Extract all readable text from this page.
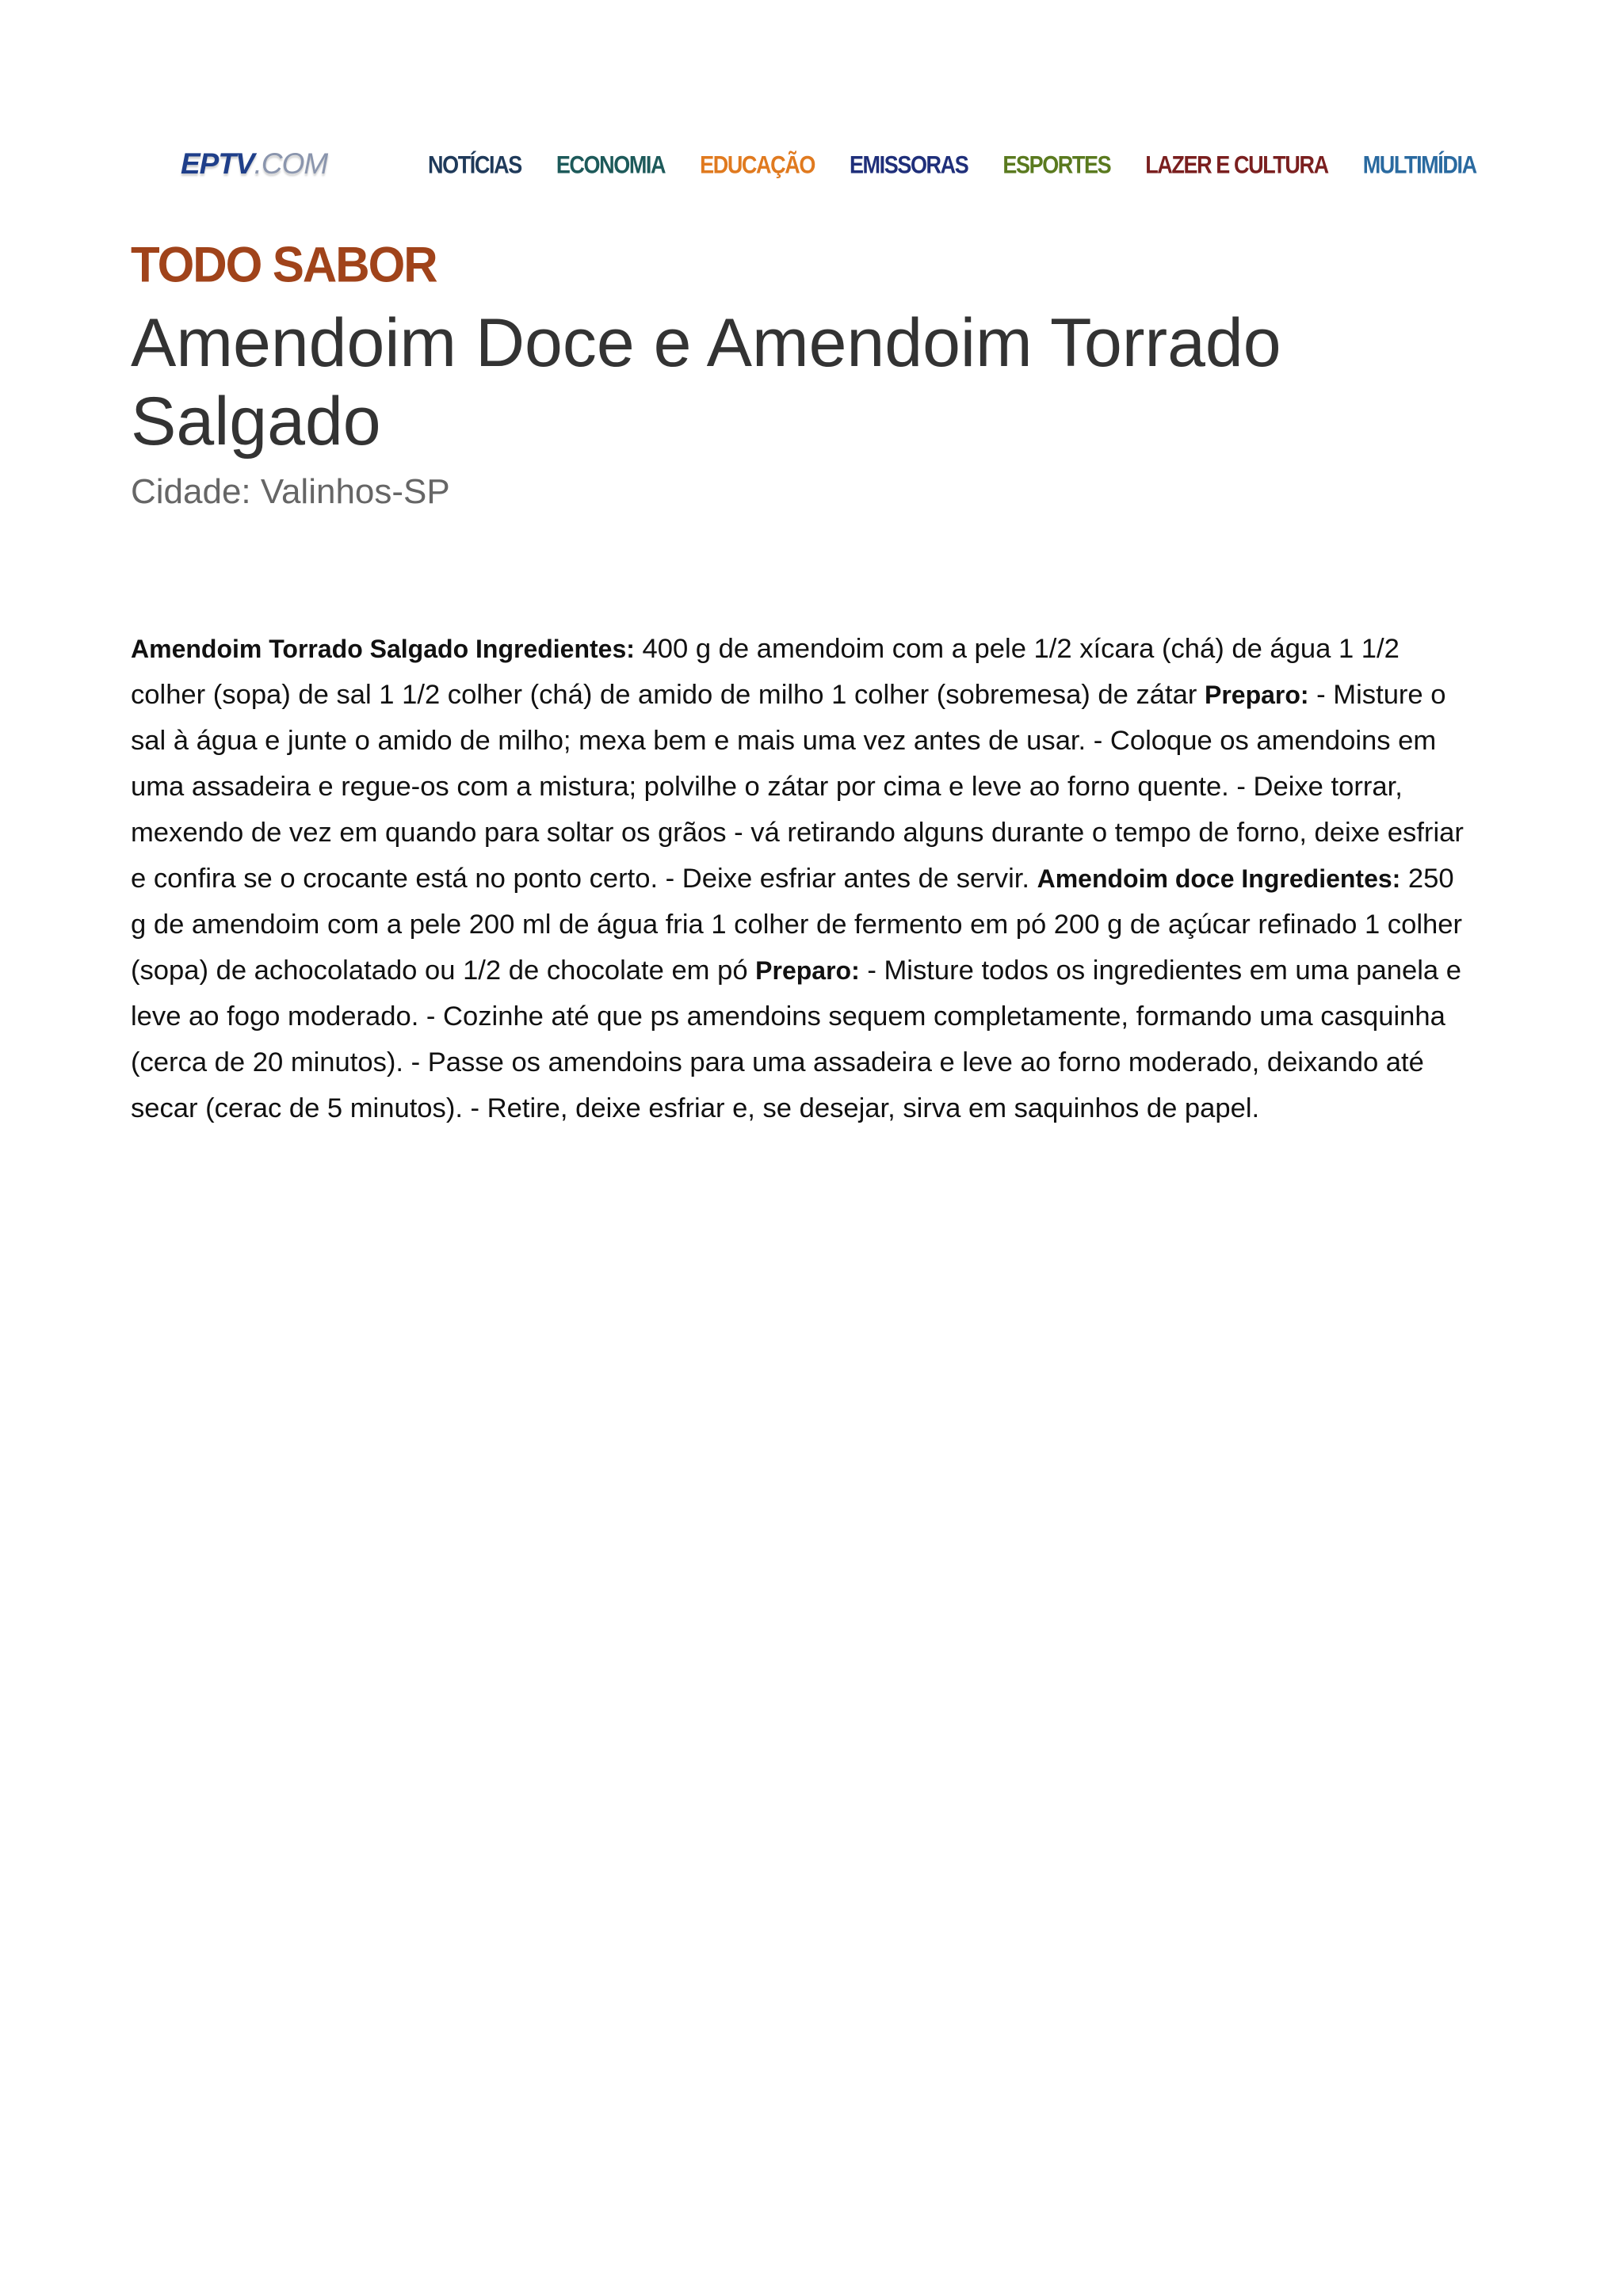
EPTV.COM	NOTÍCIAS ECONOMIA EDUCAÇÃO EMISSORAS ESPORTES LAZER E CULTURA MULTIMÍDIA
TODO SABOR
Amendoim Doce e Amendoim Torrado Salgado

Cidade: Valinhos-SP

Amendoim Torrado Salgado Ingredientes: 400 g de amendoim com a pele 1/2 xícara (chá) de água 1 1/2 colher (sopa) de sal 1 1/2 colher (chá) de amido de milho 1 colher (sobremesa) de zátar Preparo: - Misture o sal à água e junte o amido de milho; mexa bem e mais uma vez antes de usar. - Coloque os amendoins em uma assadeira e regue-os com a mistura; polvilhe o zátar por cima e leve ao forno quente. - Deixe torrar, mexendo de vez em quando para soltar os grãos - vá retirando alguns durante o tempo de forno, deixe esfriar e confira se o crocante está no ponto certo. - Deixe esfriar antes de servir. Amendoim doce Ingredientes: 250 g de amendoim com a pele 200 ml de água fria 1 colher de fermento em pó 200 g de açúcar refinado 1 colher (sopa) de achocolatado ou 1/2 de chocolate em pó Preparo: - Misture todos os ingredientes em uma panela e leve ao fogo moderado. - Cozinhe até que ps amendoins sequem completamente, formando uma casquinha (cerca de 20 minutos). - Passe os amendoins para uma assadeira e leve ao forno moderado, deixando até secar (cerac de 5 minutos). - Retire, deixe esfriar e, se desejar, sirva em saquinhos de papel.
